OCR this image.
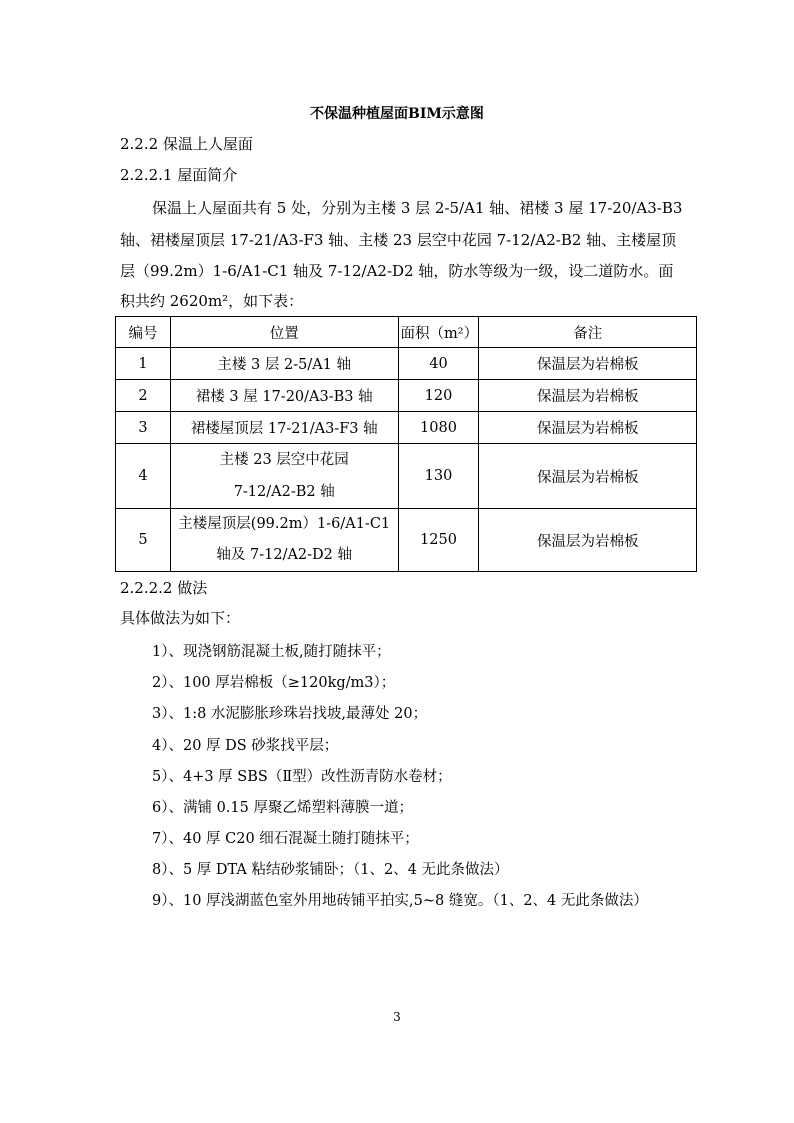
不保温种植屋面BIM示意图
2.2.2 保温上人屋面
2.2.2.1 屋面简介
保温上人屋面共有 5 处，分别为主楼 3 层 2-5/A1 轴、裙楼 3 屋 17-20/A3-B3
轴、裙楼屋顶层 17-21/A3-F3 轴、主楼 23 层空中花园 7-12/A2-B2 轴、主楼屋顶
层（99.2m）1-6/A1-C1 轴及 7-12/A2-D2 轴，防水等级为一级，设二道防水。面
积共约 2620m²，如下表：
编号	位置	面积（m²）	备注
1	主楼 3 层 2-5/A1 轴	40	保温层为岩棉板
2	裙楼 3 屋 17-20/A3-B3 轴	120	保温层为岩棉板
3	裙楼屋顶层 17-21/A3-F3 轴	1080	保温层为岩棉板
4	主楼 23 层空中花园
7-12/A2-B2 轴	130	保温层为岩棉板
5	主楼屋顶层(99.2m）1-6/A1-C1
轴及 7-12/A2-D2 轴	1250	保温层为岩棉板
2.2.2.2 做法
具体做法为如下：
1）、现浇钢筋混凝土板,随打随抹平；
2）、100 厚岩棉板（≥120kg/m3）；
3）、1:8 水泥膨胀珍珠岩找坡,最薄处 20；
4）、20 厚 DS 砂浆找平层；
5）、4+3 厚 SBS（Ⅱ型）改性沥青防水卷材；
6）、满铺 0.15 厚聚乙烯塑料薄膜一道；
7）、40 厚 C20 细石混凝土随打随抹平；
8）、5 厚 DTA 粘结砂浆铺卧；（1、2、4 无此条做法）
9）、10 厚浅湖蓝色室外用地砖铺平拍实,5~8 缝宽。（1、2、4 无此条做法）
3
